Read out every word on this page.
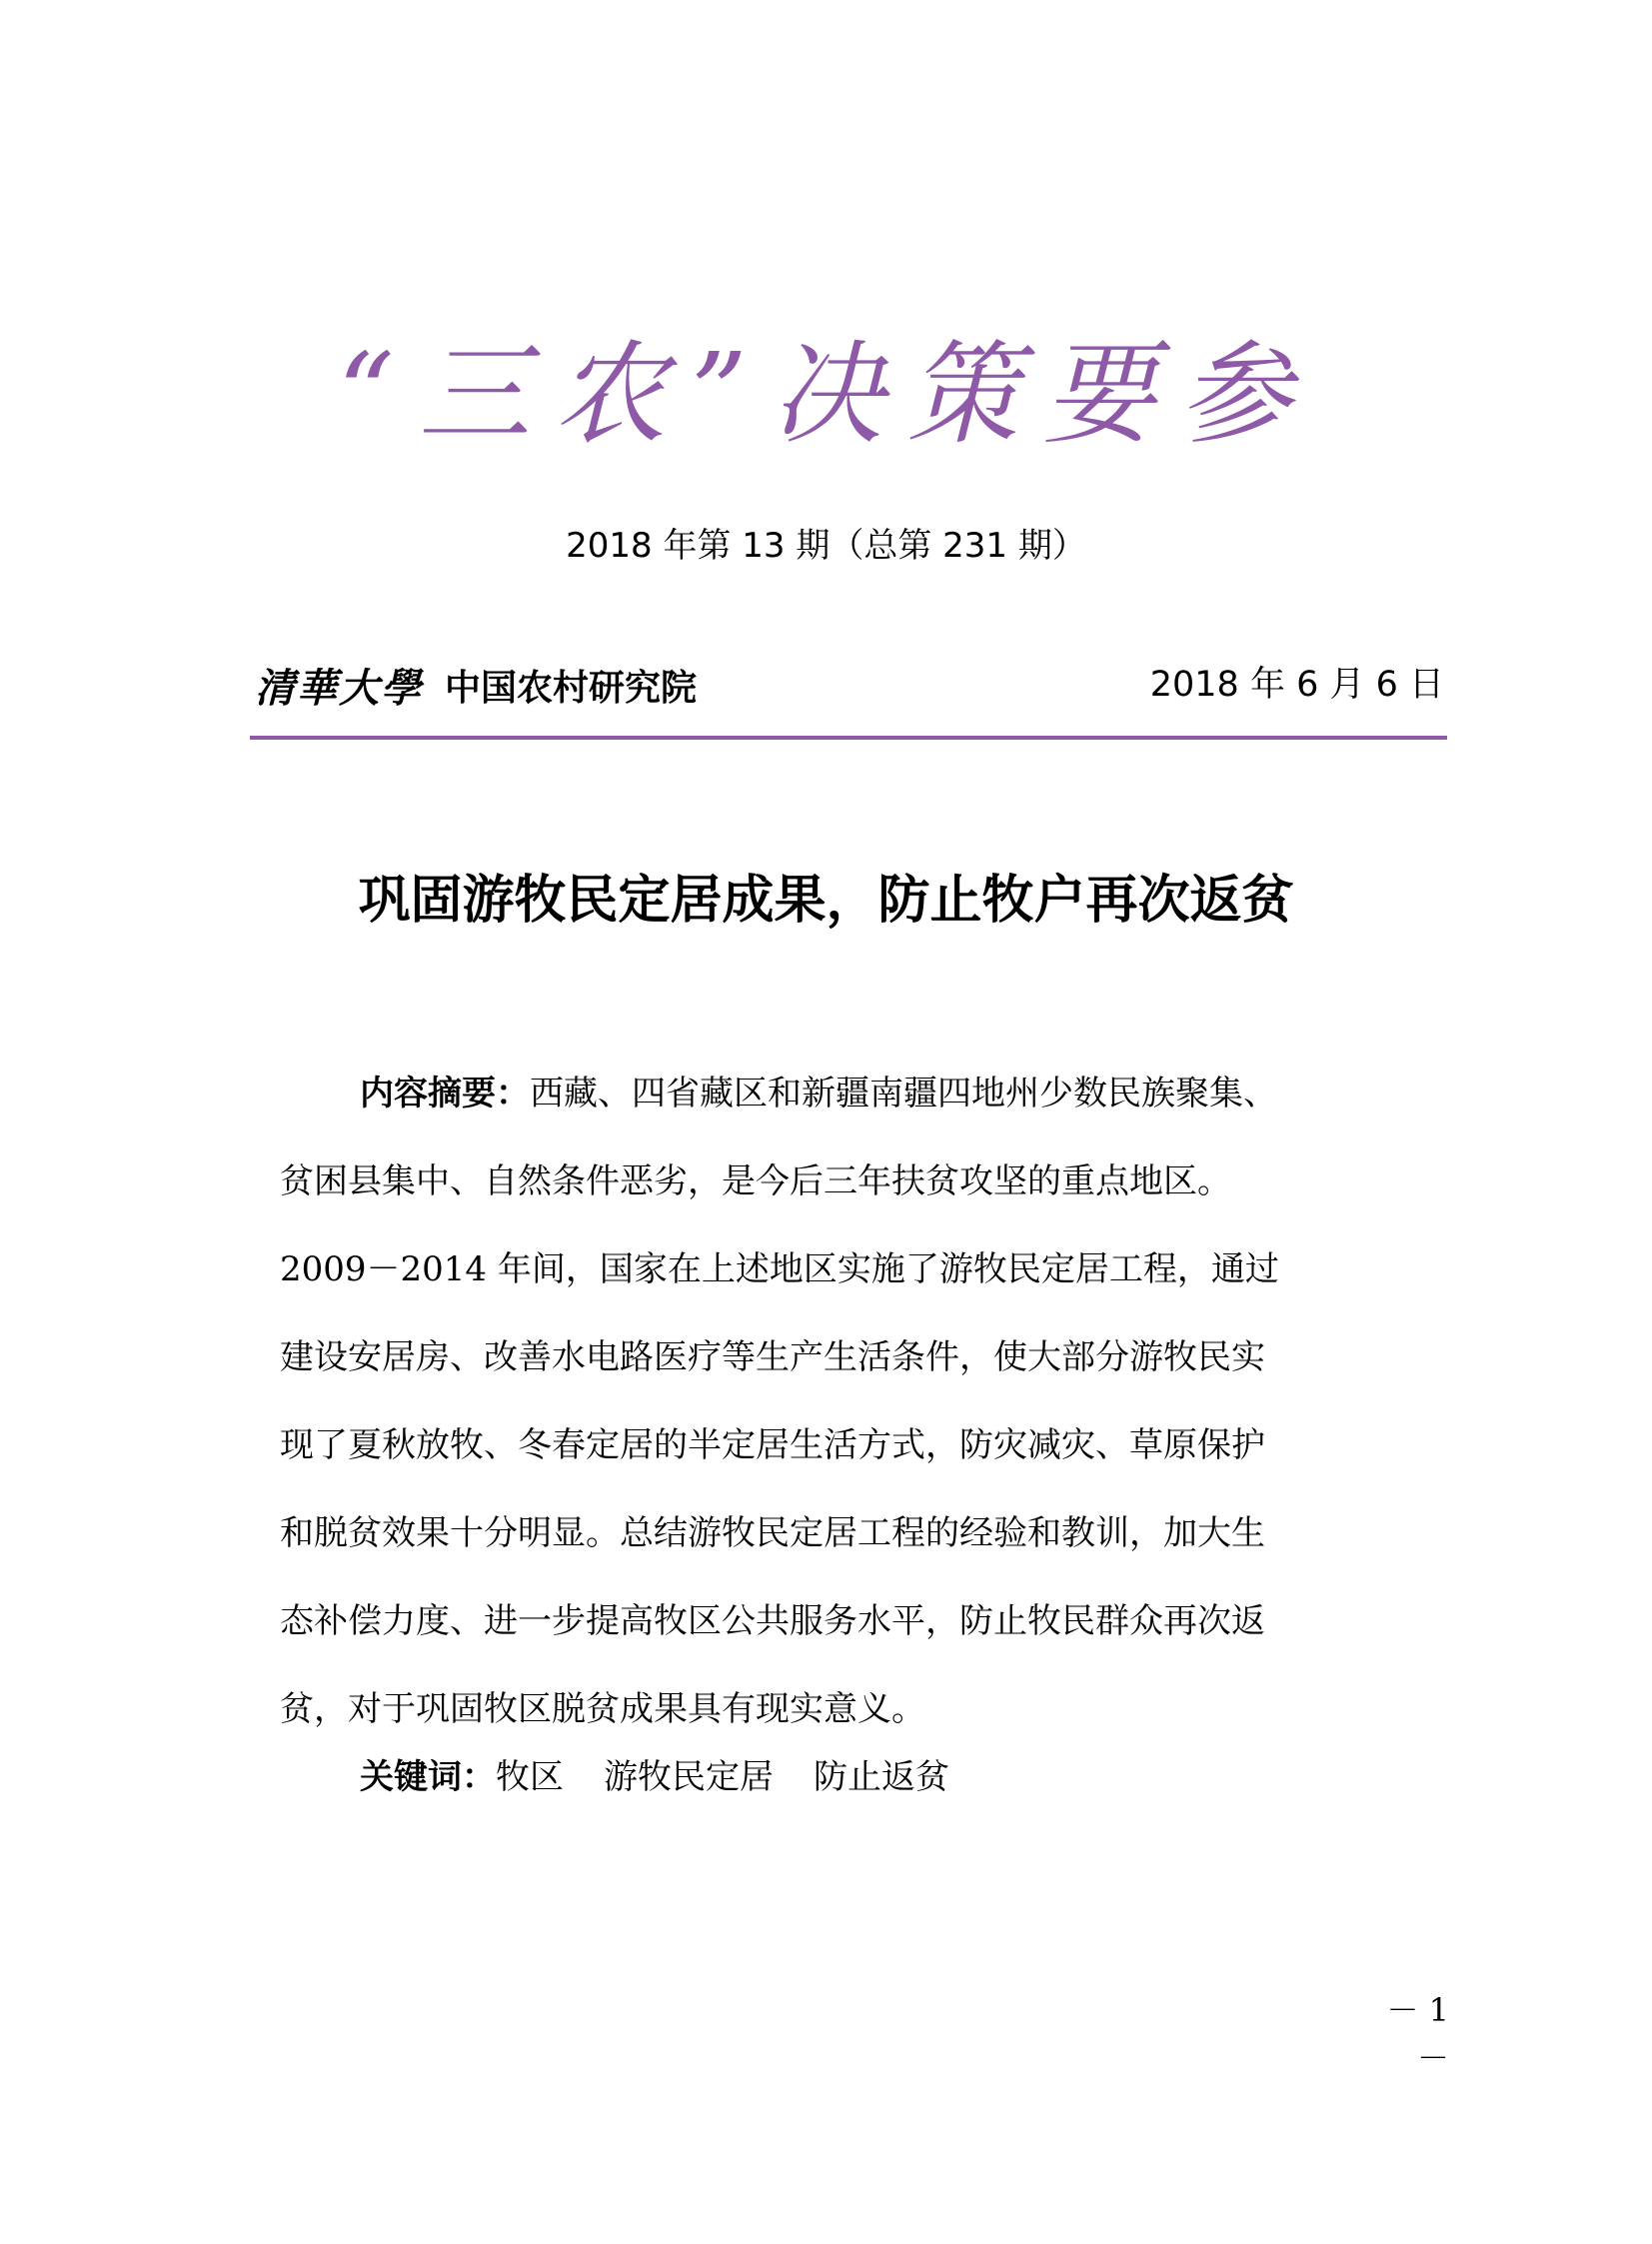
“三农”决策要参
2018 年第 13 期（总第 231 期）
清華大學 中国农村研究院	2018 年 6 月 6 日
巩固游牧民定居成果，防止牧户再次返贫
内容摘要：西藏、四省藏区和新疆南疆四地州少数民族聚集、
贫困县集中、自然条件恶劣，是今后三年扶贫攻坚的重点地区。
2009－2014 年间，国家在上述地区实施了游牧民定居工程，通过
建设安居房、改善水电路医疗等生产生活条件，使大部分游牧民实
现了夏秋放牧、冬春定居的半定居生活方式，防灾减灾、草原保护
和脱贫效果十分明显。总结游牧民定居工程的经验和教训，加大生
态补偿力度、进一步提高牧区公共服务水平，防止牧民群众再次返
贫，对于巩固牧区脱贫成果具有现实意义。
关键词：牧区 游牧民定居 防止返贫
－ 1 －
